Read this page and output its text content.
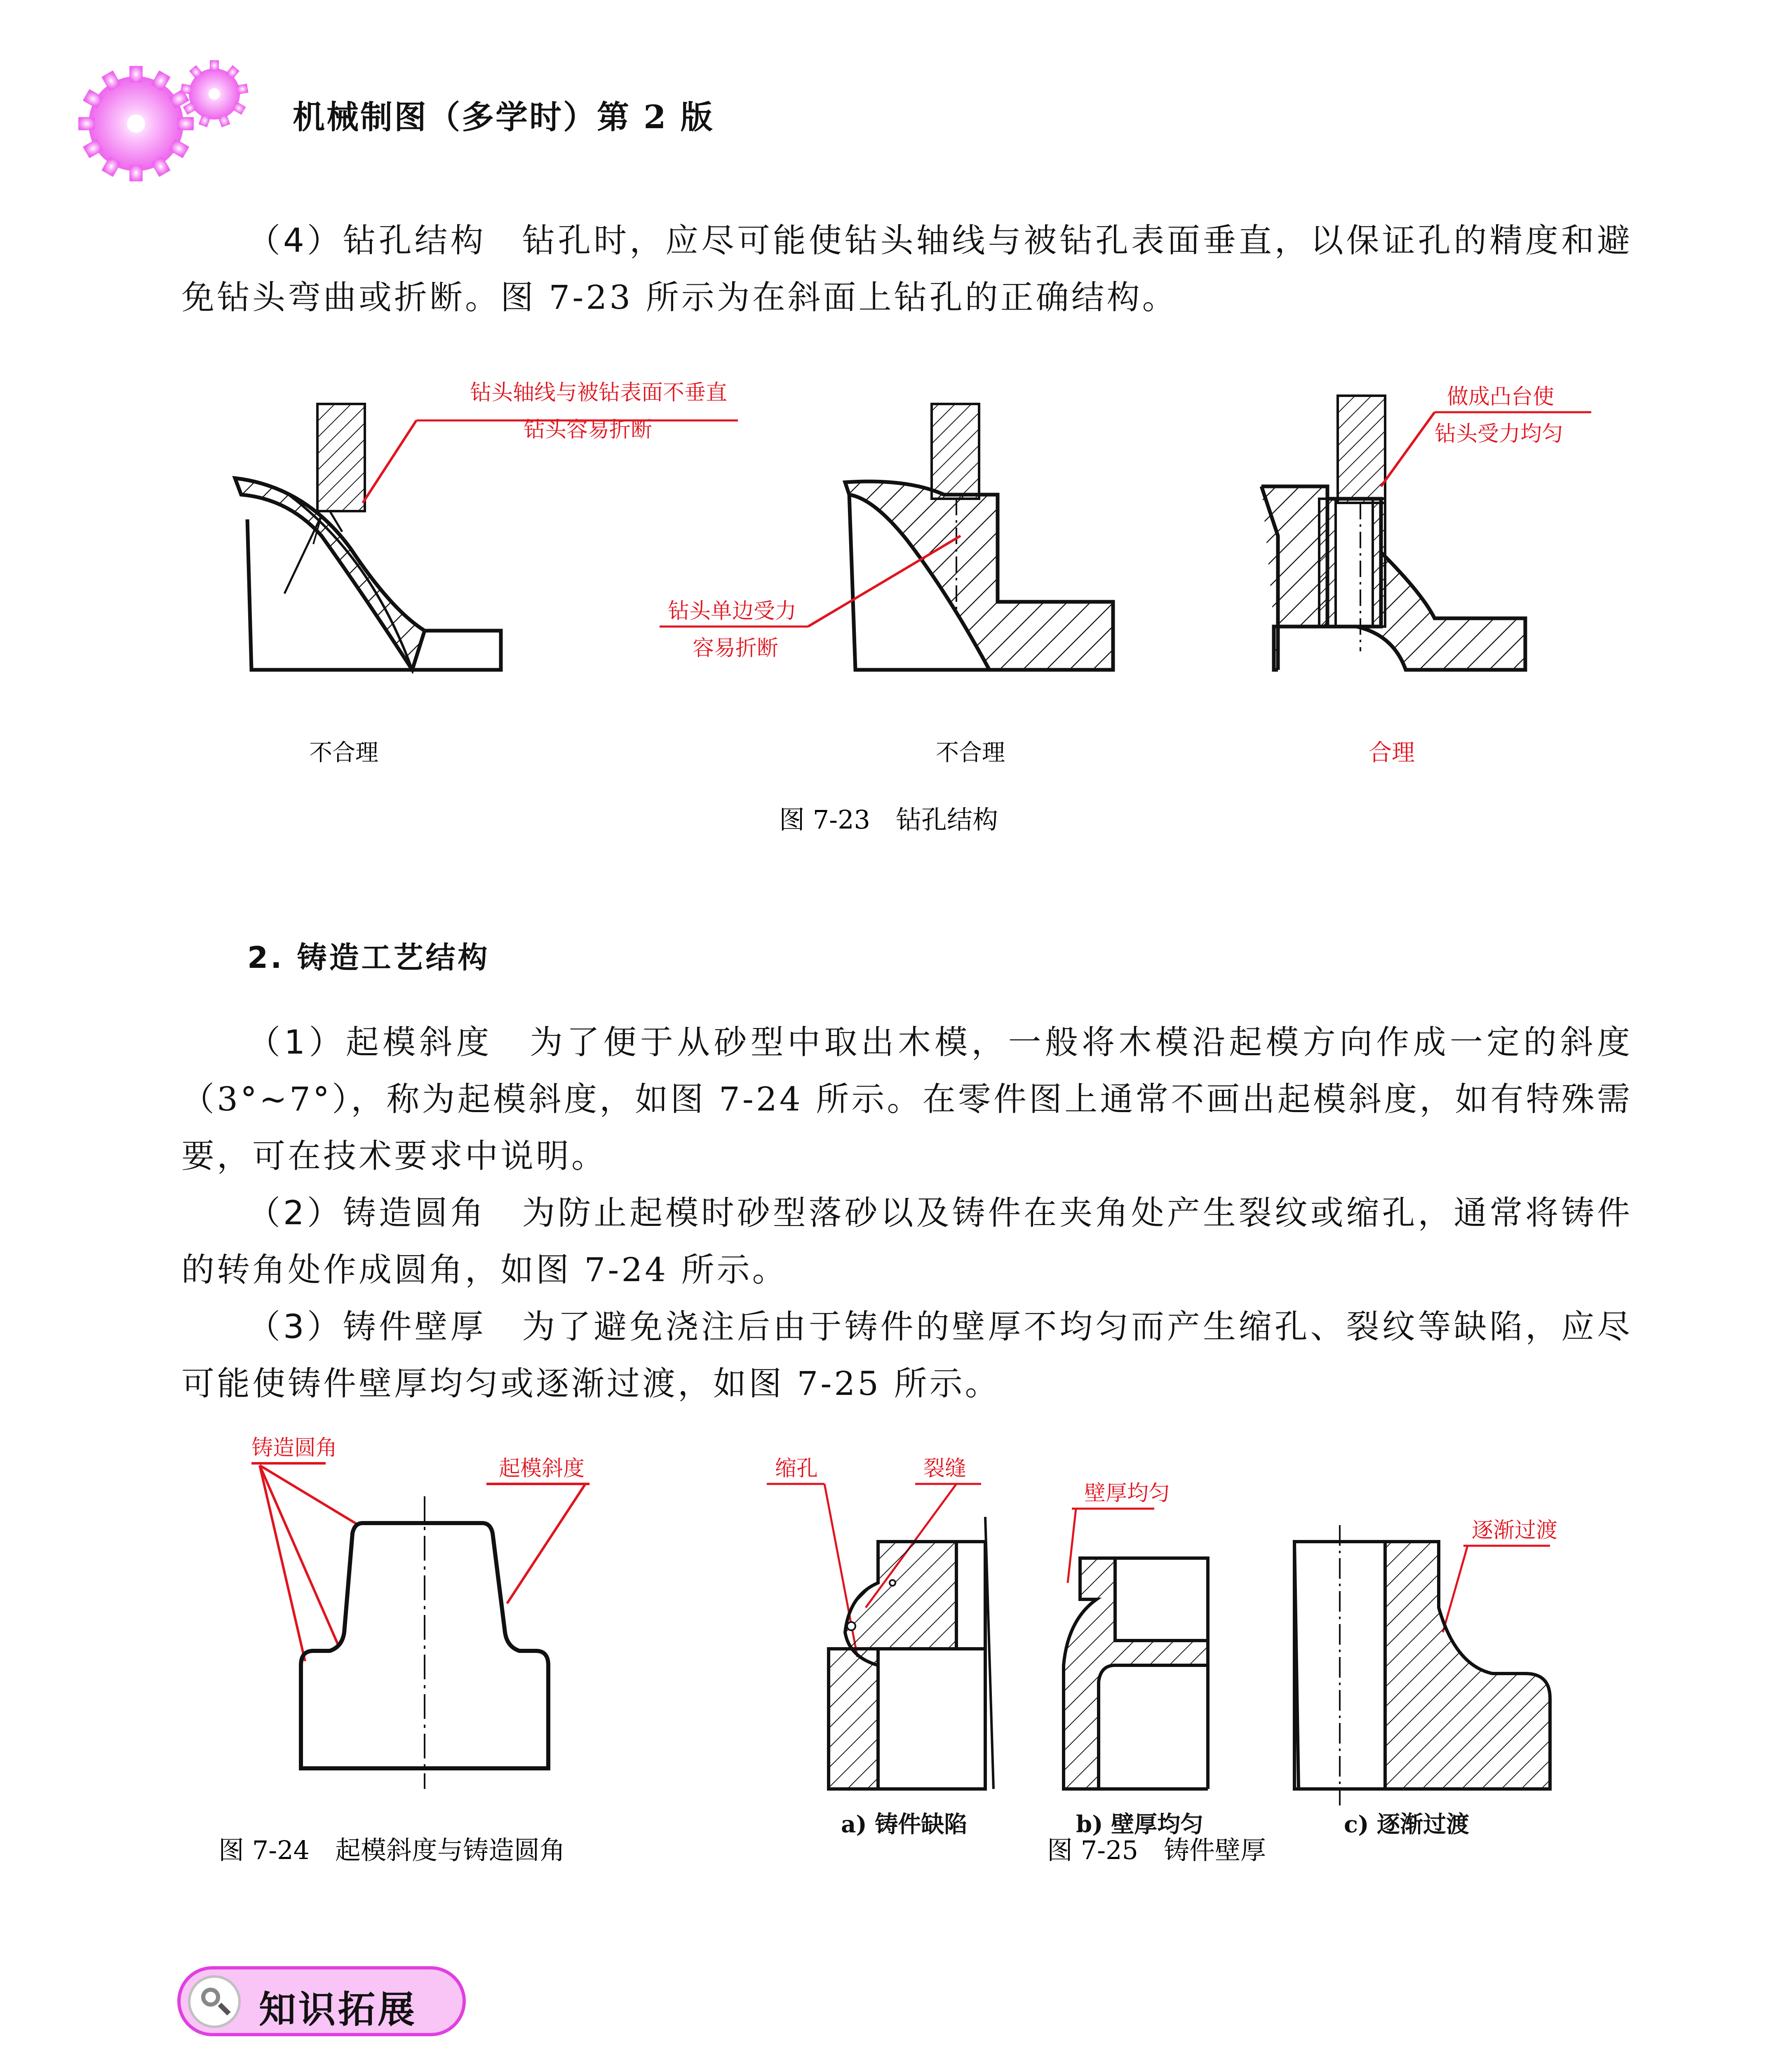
机械制图（多学时）第 2 版

（4）钻孔结构　 钻孔时，应尽可能使钻头轴线与被钻孔表面垂直，以保证孔的精度和避免钻头弯曲或折断。图 7-23 所示为在斜面上钻孔的正确结构。

钻头轴线与被钻表面不垂直
钻头容易折断
钻头单边受力
容易折断
做成凸台使
钻头受力均匀
不合理	不合理	合理
图 7-23　钻孔结构
2. 铸造工艺结构

（1）起模斜度　 为了便于从砂型中取出木模，一般将木模沿起模方向作成一定的斜度（3°~7°），称为起模斜度，如图 7-24 所示。在零件图上通常不画出起模斜度，如有特殊需要，可在技术要求中说明。

（2）铸造圆角　 为防止起模时砂型落砂以及铸件在夹角处产生裂纹或缩孔，通常将铸件的转角处作成圆角，如图 7-24 所示。

（3）铸件壁厚　 为了避免浇注后由于铸件的壁厚不均匀而产生缩孔、裂纹等缺陷，应尽可能使铸件壁厚均匀或逐渐过渡，如图 7-25 所示。

铸造圆角
起模斜度
图 7-24　起模斜度与铸造圆角
缩孔	裂缝
壁厚均匀
逐渐过渡
a) 铸件缺陷	b) 壁厚均匀	c) 逐渐过渡
图 7-25　铸件壁厚
知识拓展
